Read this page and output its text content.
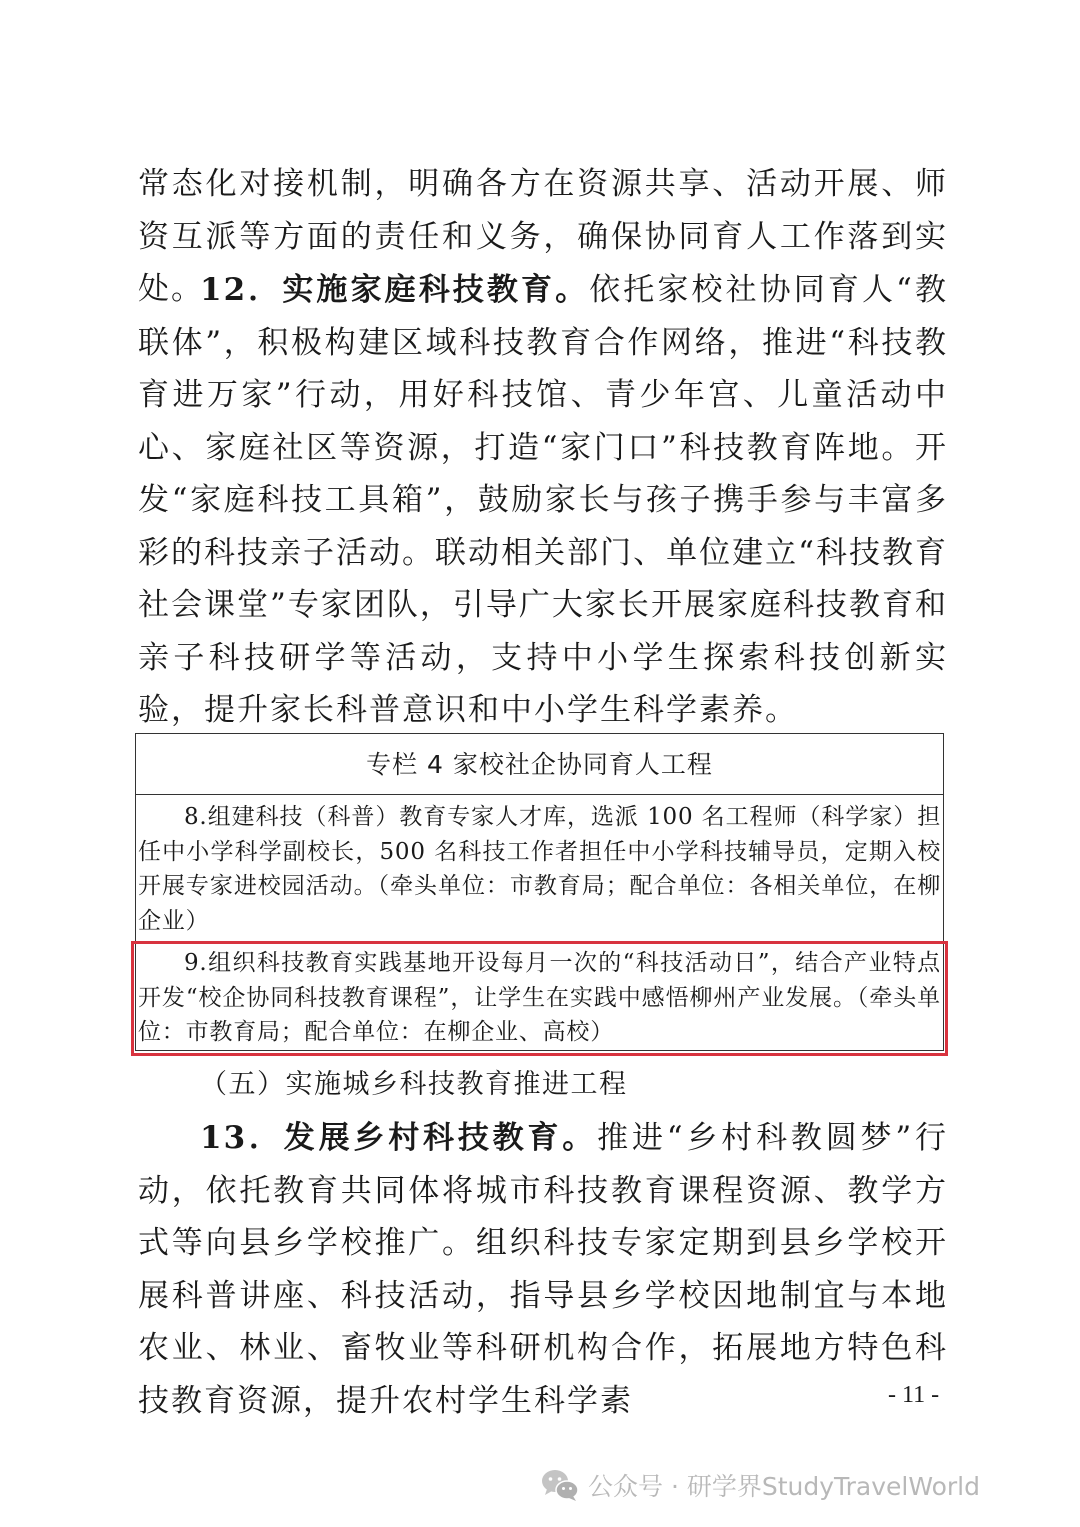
常态化对接机制，明确各方在资源共享、活动开展、师资互派等方面的责任和义务，确保协同育人工作落到实处。

12．实施家庭科技教育。依托家校社协同育人“教联体”，积极构建区域科技教育合作网络，推进“科技教育进万家”行动，用好科技馆、青少年宫、儿童活动中心、家庭社区等资源，打造“家门口”科技教育阵地。开发“家庭科技工具箱”，鼓励家长与孩子携手参与丰富多彩的科技亲子活动。联动相关部门、单位建立“科技教育社会课堂”专家团队，引导广大家长开展家庭科技教育和亲子科技研学等活动，支持中小学生探索科技创新实验，提升家长科普意识和中小学生科学素养。

专栏 4 家校社企协同育人工程

8.组建科技（科普）教育专家人才库，选派 100 名工程师（科学家）担任中小学科学副校长，500 名科技工作者担任中小学科技辅导员，定期入校开展专家进校园活动。（牵头单位：市教育局；配合单位：各相关单位，在柳企业）

9.组织科技教育实践基地开设每月一次的“科技活动日”，结合产业特点开发“校企协同科技教育课程”，让学生在实践中感悟柳州产业发展。（牵头单位：市教育局；配合单位：在柳企业、高校）

（五）实施城乡科技教育推进工程

13．发展乡村科技教育。推进“乡村科教圆梦”行动，依托教育共同体将城市科技教育课程资源、教学方式等向县乡学校推广。组织科技专家定期到县乡学校开展科普讲座、科技活动，指导县乡学校因地制宜与本地农业、林业、畜牧业等科研机构合作，拓展地方特色科技教育资源，提升农村学生科学素	- 11 -
公众号 · 研学界StudyTravelWorld
